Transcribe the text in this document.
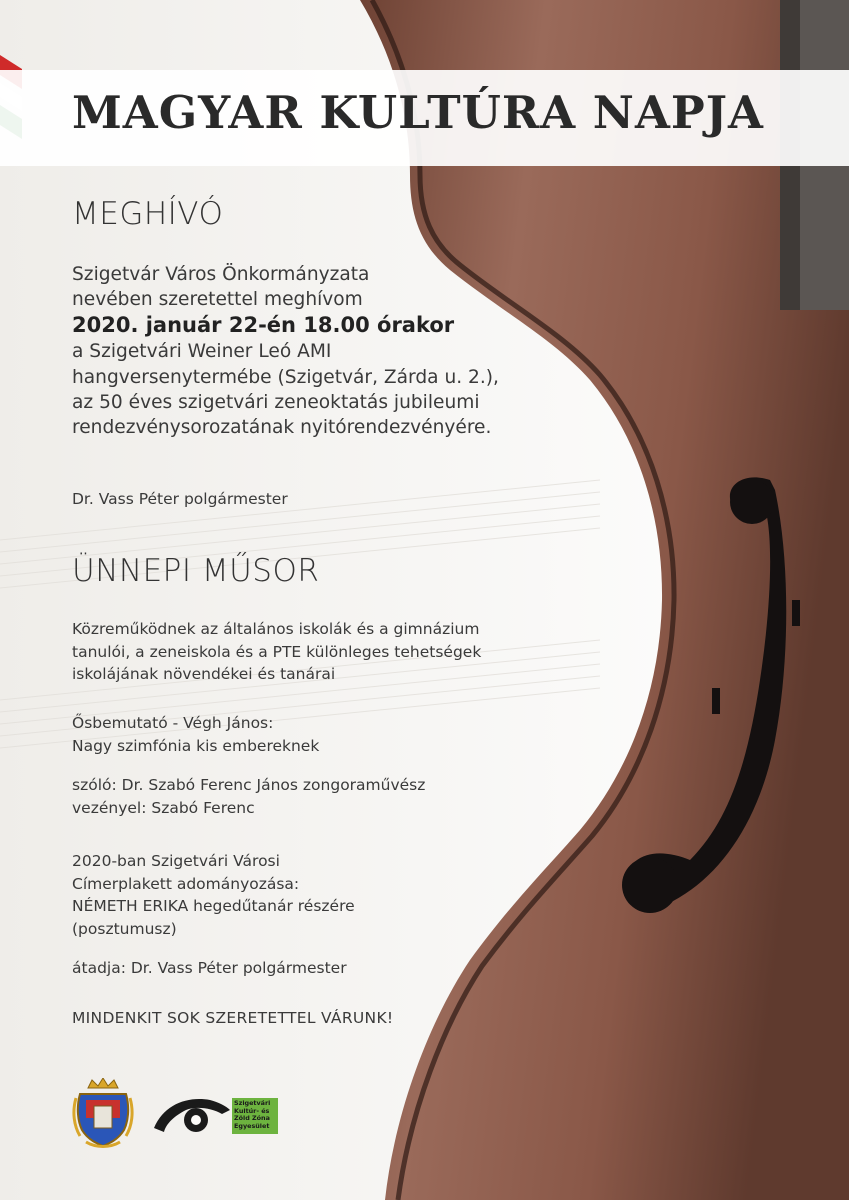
MAGYAR KULTÚRA NAPJA
MEGHÍVÓ
Szigetvár Város Önkormányzata
nevében szeretettel meghívom
2020. január 22-én 18.00 órakor
a Szigetvári Weiner Leó AMI
hangversenytermébe (Szigetvár, Zárda u. 2.),
az 50 éves szigetvári zeneoktatás jubileumi
rendezvénysorozatának nyitórendezvényére.
Dr. Vass Péter polgármester
ÜNNEPI MŰSOR
Közreműködnek az általános iskolák és a gimnázium
tanulói, a zeneiskola és a PTE különleges tehetségek
iskolájának növendékei és tanárai
Ősbemutató - Végh János:
Nagy szimfónia kis embereknek
szóló: Dr. Szabó Ferenc János zongoraművész
vezényel: Szabó Ferenc
2020-ban Szigetvári Városi
Címerplakett adományozása:
NÉMETH ERIKA hegedűtanár részére
(posztumusz)
átadja: Dr. Vass Péter polgármester
MINDENKIT SOK SZERETETTEL VÁRUNK!
Szigetvári
Kultúr- és
Zöld Zóna
Egyesület
